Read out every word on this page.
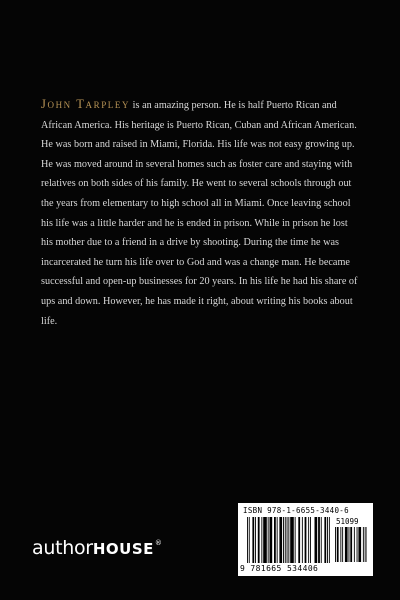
John Tarpley is an amazing person. He is half Puerto Rican and African America. His heritage is Puerto Rican, Cuban and African American. He was born and raised in Miami, Florida. His life was not easy growing up. He was moved around in several homes such as foster care and staying with relatives on both sides of his family. He went to several schools through out the years from elementary to high school all in Miami. Once leaving school his life was a little harder and he is ended in prison. While in prison he lost his mother due to a friend in a drive by shooting. During the time he was incarcerated he turn his life over to God and was a change man. He became successful and open-up businesses for 20 years. In his life he had his share of ups and down. However, he has made it right, about writing his books about life.

authorHOUSE®
ISBN 978-1-6655-3440-6
51099
9 781665 534406
